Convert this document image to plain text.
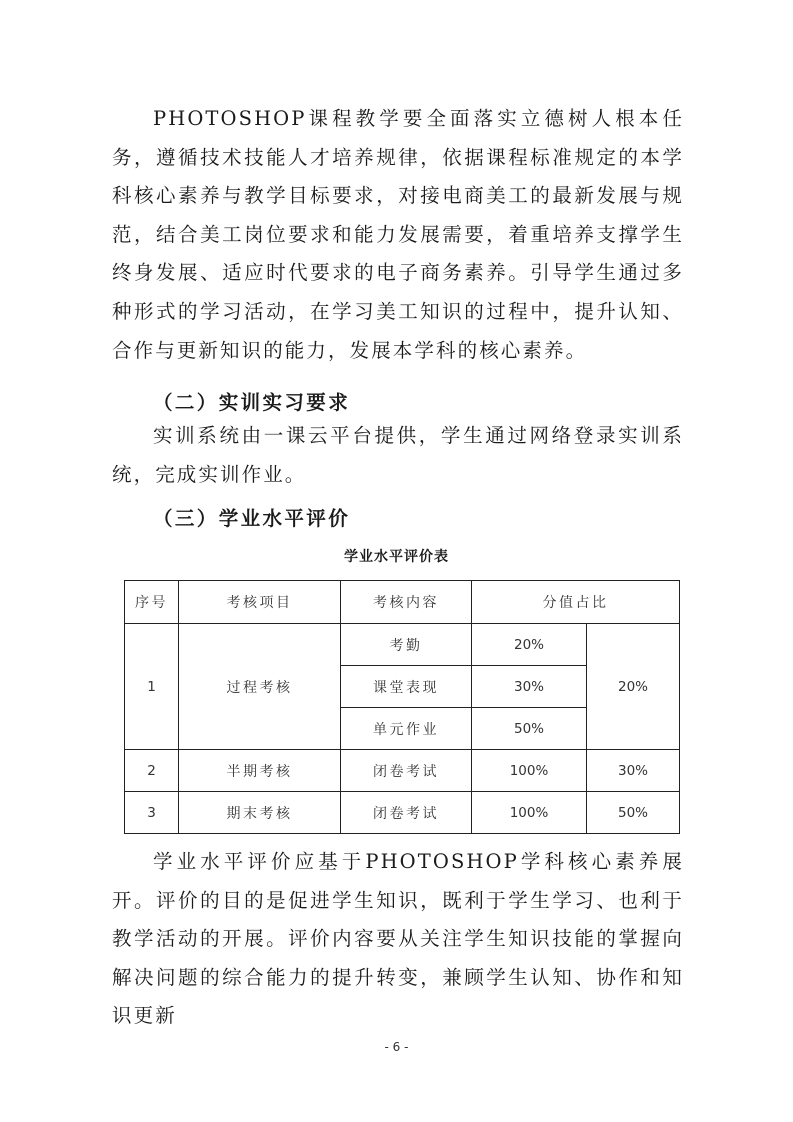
PHOTOSHOP课程教学要全面落实立德树人根本任务，遵循技术技能人才培养规律，依据课程标准规定的本学科核心素养与教学目标要求，对接电商美工的最新发展与规范，结合美工岗位要求和能力发展需要，着重培养支撑学生终身发展、适应时代要求的电子商务素养。引导学生通过多种形式的学习活动，在学习美工知识的过程中，提升认知、合作与更新知识的能力，发展本学科的核心素养。
（二）实训实习要求
实训系统由一课云平台提供，学生通过网络登录实训系统，完成实训作业。
（三）学业水平评价
学业水平评价表
序号	考核项目	考核内容	分值占比	
1	过程考核	考勤	20%	20%
		课堂表现	30%	
		单元作业	50%	
2	半期考核	闭卷考试	100%	30%
3	期末考核	闭卷考试	100%	50%
学业水平评价应基于PHOTOSHOP学科核心素养展开。评价的目的是促进学生知识，既利于学生学习、也利于教学活动的开展。评价内容要从关注学生知识技能的掌握向解决问题的综合能力的提升转变，兼顾学生认知、协作和知识更新
- 6 -
